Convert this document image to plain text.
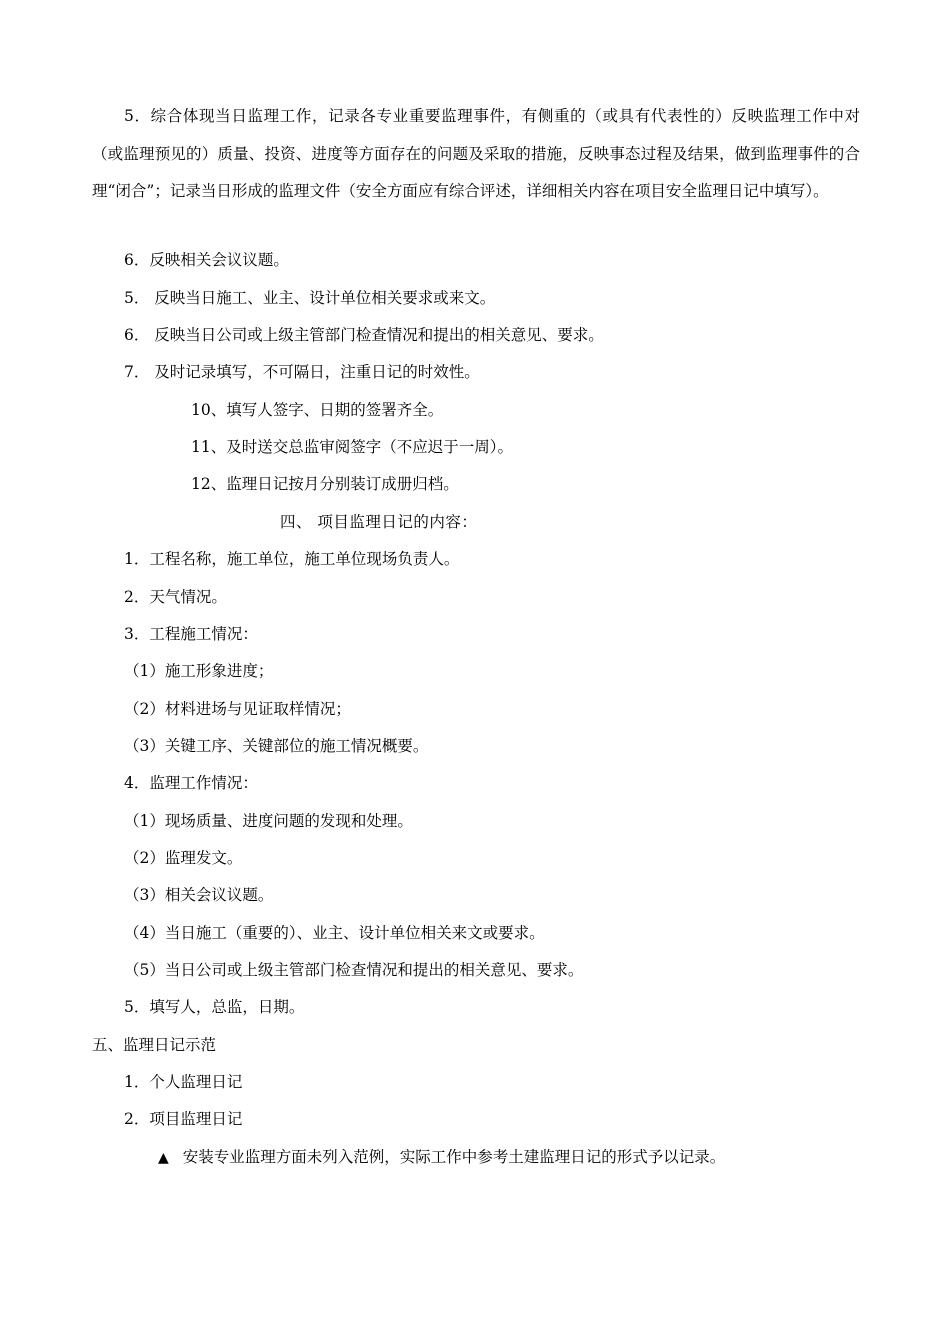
5．综合体现当日监理工作，记录各专业重要监理事件，有侧重的（或具有代表性的）反映监理工作中对（或监理预见的）质量、投资、进度等方面存在的问题及采取的措施，反映事态过程及结果，做到监理事件的合理“闭合”；记录当日形成的监理文件（安全方面应有综合评述，详细相关内容在项目安全监理日记中填写）。
6．反映相关会议议题。
5． 反映当日施工、业主、设计单位相关要求或来文。
6． 反映当日公司或上级主管部门检查情况和提出的相关意见、要求。
7． 及时记录填写，不可隔日，注重日记的时效性。
10、填写人签字、日期的签署齐全。
11、及时送交总监审阅签字（不应迟于一周）。
12、监理日记按月分别装订成册归档。
四、 项目监理日记的内容：
1．工程名称，施工单位，施工单位现场负责人。
2．天气情况。
3．工程施工情况：
（1）施工形象进度；
（2）材料进场与见证取样情况；
（3）关键工序、关键部位的施工情况概要。
4．监理工作情况：
（1）现场质量、进度问题的发现和处理。
（2）监理发文。
（3）相关会议议题。
（4）当日施工（重要的）、业主、设计单位相关来文或要求。
（5）当日公司或上级主管部门检查情况和提出的相关意见、要求。
5．填写人，总监，日期。
五、监理日记示范
1．个人监理日记
2．项目监理日记
▲ 安装专业监理方面未列入范例，实际工作中参考土建监理日记的形式予以记录。
